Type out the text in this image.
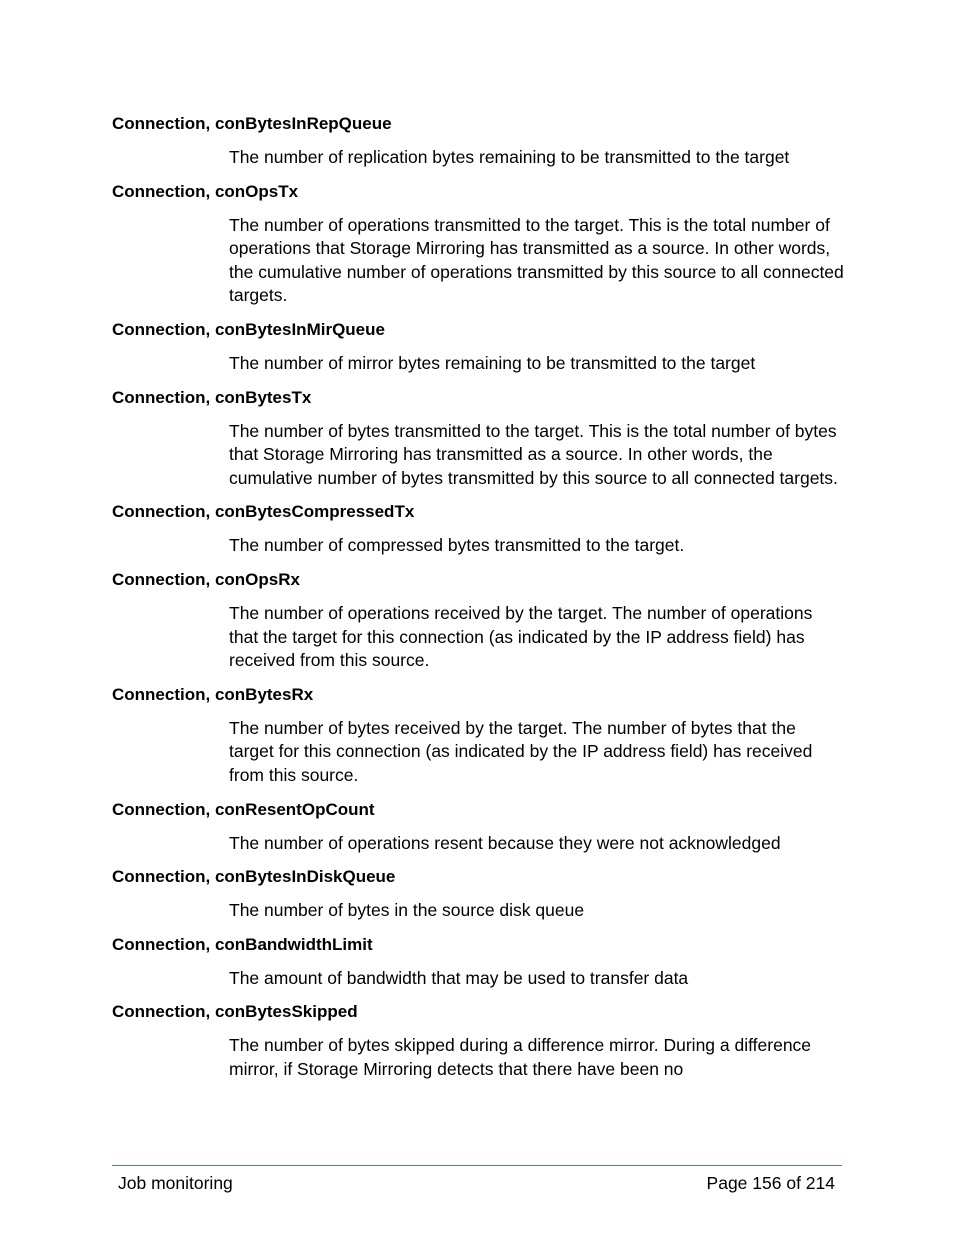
Connection, conBytesInRepQueue
The number of replication bytes remaining to be transmitted to the target
Connection, conOpsTx
The number of operations transmitted to the target. This is the total number of operations that Storage Mirroring has transmitted as a source. In other words, the cumulative number of operations transmitted by this source to all connected targets.
Connection, conBytesInMirQueue
The number of mirror bytes remaining to be transmitted to the target
Connection, conBytesTx
The number of bytes transmitted to the target. This is the total number of bytes that Storage Mirroring has transmitted as a source. In other words, the cumulative number of bytes transmitted by this source to all connected targets.
Connection, conBytesCompressedTx
The number of compressed bytes transmitted to the target.
Connection, conOpsRx
The number of operations received by the target. The number of operations that the target for this connection (as indicated by the IP address field) has received from this source.
Connection, conBytesRx
The number of bytes received by the target. The number of bytes that the target for this connection (as indicated by the IP address field) has received from this source.
Connection, conResentOpCount
The number of operations resent because they were not acknowledged
Connection, conBytesInDiskQueue
The number of bytes in the source disk queue
Connection, conBandwidthLimit
The amount of bandwidth that may be used to transfer data
Connection, conBytesSkipped
The number of bytes skipped during a difference mirror. During a difference mirror, if Storage Mirroring detects that there have been no
Job monitoring	Page 156 of 214
